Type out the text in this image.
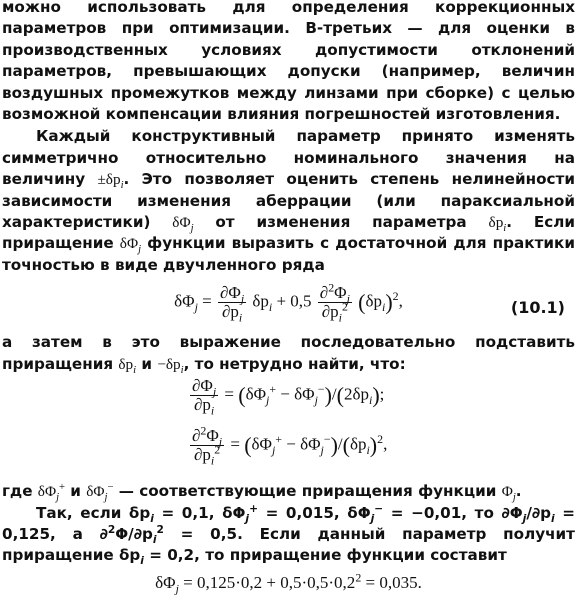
можно использовать для определения коррекционных параметров при оптимизации. В-третьих — для оценки в производственных условиях допустимости отклонений параметров, превышающих допуски (например, величин воздушных промежутков между линзами при сборке) с целью возможной компенсации влияния погрешностей изготовления.

Каждый конструктивный параметр принято изменять симметрично относительно номинального значения на величину $\pm\delta p_i$. Это позволяет оценить степень нелинейности зависимости изменения аберрации (или параксиальной характеристики) $\delta\Phi_j$ от изменения параметра $\delta p_i$. Если приращение $\delta\Phi_j$ функции выразить с достаточной для практики точностью в виде двучленного ряда

$\delta\Phi_j = \frac{\partial\Phi_j}{\partial p_i} \delta p_i + 0,5 \frac{\partial^2\Phi_j}{\partial p_i^2} (\delta p_i)^2$,	(10.1)

а затем в это выражение последовательно подставить приращения $\delta p_i$ $и -\delta p_i$, то нетрудно найти, что:

$\frac{\partial\Phi_j}{\partial p_i} = (\delta\Phi_j^+ - \delta\Phi_j^-)/(2\delta p_i)$;
$\frac{\partial^2\Phi_j}{\partial p_i^2} = (\delta\Phi_j^+ - \delta\Phi_j^-)/(\delta p_i)^2$,

где $\delta\Phi_j^+$ и $\delta\Phi_j^-$ — соответствующие приращения функции $\Phi_j$.

Так, если $\delta p_i = 0,1$, $\delta\Phi_j^+ = 0,015$, $\delta\Phi_j^- = -0,01$, то $\partial\Phi_j/\partial p_i = 0,125$, а $\partial^2\Phi/\partial p_i^2 = 0,5$. Если данный параметр получит приращение $\delta p_i = 0,2$, то приращение функции составит

$\delta\Phi_j = 0,125\cdot 0,2 + 0,5\cdot 0,5\cdot 0,2^2 = 0,035$.
